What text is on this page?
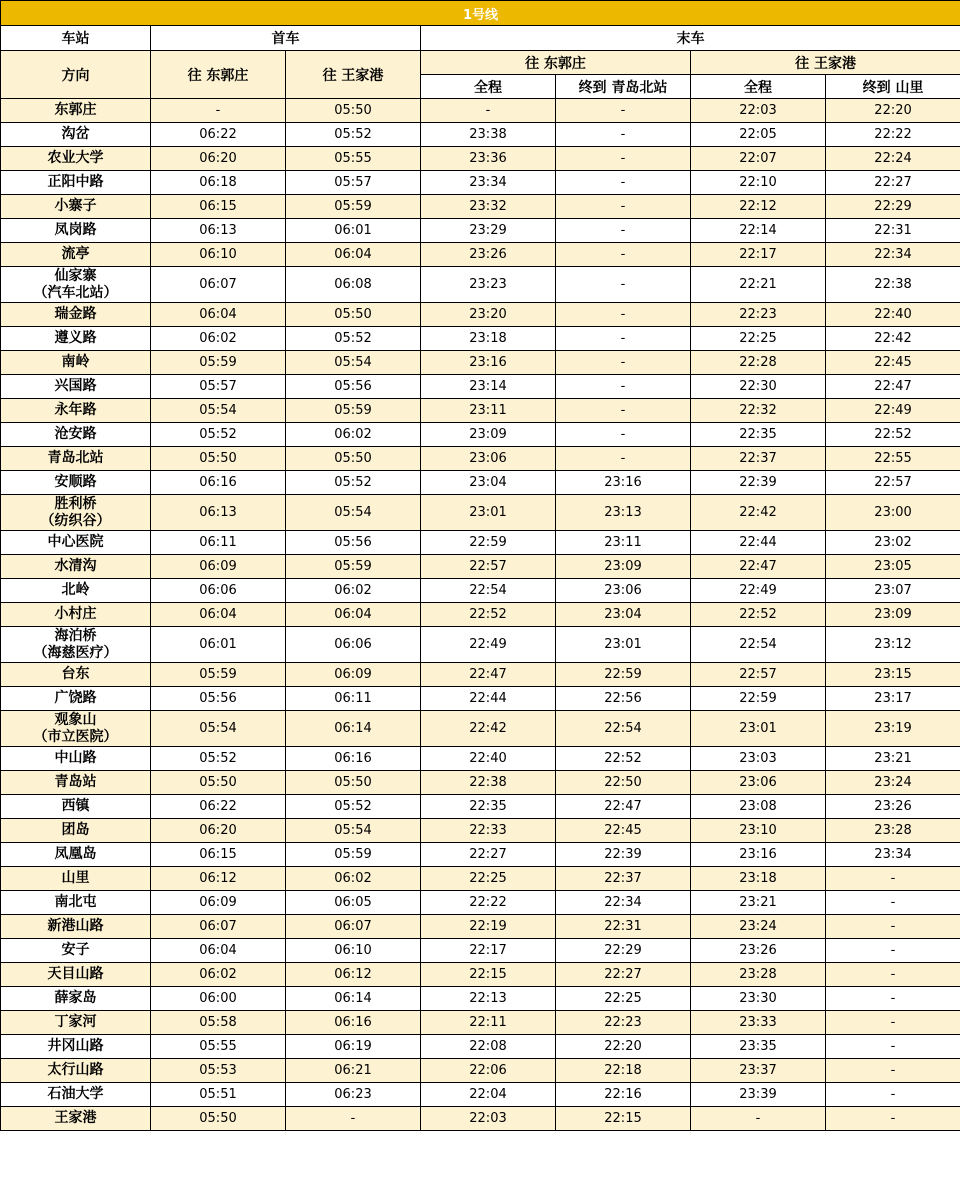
1号线						
车站	首车		末车			
方向	往 东郭庄	往 王家港	往 东郭庄		往 王家港	
			全程	终到 青岛北站	全程	终到 山里

东郭庄	-	05:50	-	-	22:03	22:20

沟岔	06:22	05:52	23:38	-	22:05	22:22

农业大学	06:20	05:55	23:36	-	22:07	22:24

正阳中路	06:18	05:57	23:34	-	22:10	22:27

小寨子	06:15	05:59	23:32	-	22:12	22:29

凤岗路	06:13	06:01	23:29	-	22:14	22:31

流亭	06:10	06:04	23:26	-	22:17	22:34

仙家寨
（汽车北站）	06:07	06:08	23:23	-	22:21	22:38

瑞金路	06:04	05:50	23:20	-	22:23	22:40

遵义路	06:02	05:52	23:18	-	22:25	22:42

南岭	05:59	05:54	23:16	-	22:28	22:45

兴国路	05:57	05:56	23:14	-	22:30	22:47

永年路	05:54	05:59	23:11	-	22:32	22:49

沧安路	05:52	06:02	23:09	-	22:35	22:52

青岛北站	05:50	05:50	23:06	-	22:37	22:55

安顺路	06:16	05:52	23:04	23:16	22:39	22:57

胜利桥
（纺织谷）	06:13	05:54	23:01	23:13	22:42	23:00

中心医院	06:11	05:56	22:59	23:11	22:44	23:02

水清沟	06:09	05:59	22:57	23:09	22:47	23:05

北岭	06:06	06:02	22:54	23:06	22:49	23:07

小村庄	06:04	06:04	22:52	23:04	22:52	23:09

海泊桥
（海慈医疗）	06:01	06:06	22:49	23:01	22:54	23:12

台东	05:59	06:09	22:47	22:59	22:57	23:15

广饶路	05:56	06:11	22:44	22:56	22:59	23:17

观象山
（市立医院）	05:54	06:14	22:42	22:54	23:01	23:19

中山路	05:52	06:16	22:40	22:52	23:03	23:21

青岛站	05:50	05:50	22:38	22:50	23:06	23:24

西镇	06:22	05:52	22:35	22:47	23:08	23:26

团岛	06:20	05:54	22:33	22:45	23:10	23:28

凤凰岛	06:15	05:59	22:27	22:39	23:16	23:34

山里	06:12	06:02	22:25	22:37	23:18	-

南北屯	06:09	06:05	22:22	22:34	23:21	-

新港山路	06:07	06:07	22:19	22:31	23:24	-

安子	06:04	06:10	22:17	22:29	23:26	-

天目山路	06:02	06:12	22:15	22:27	23:28	-

薛家岛	06:00	06:14	22:13	22:25	23:30	-

丁家河	05:58	06:16	22:11	22:23	23:33	-

井冈山路	05:55	06:19	22:08	22:20	23:35	-

太行山路	05:53	06:21	22:06	22:18	23:37	-

石油大学	05:51	06:23	22:04	22:16	23:39	-

王家港	05:50	-	22:03	22:15	-	-
